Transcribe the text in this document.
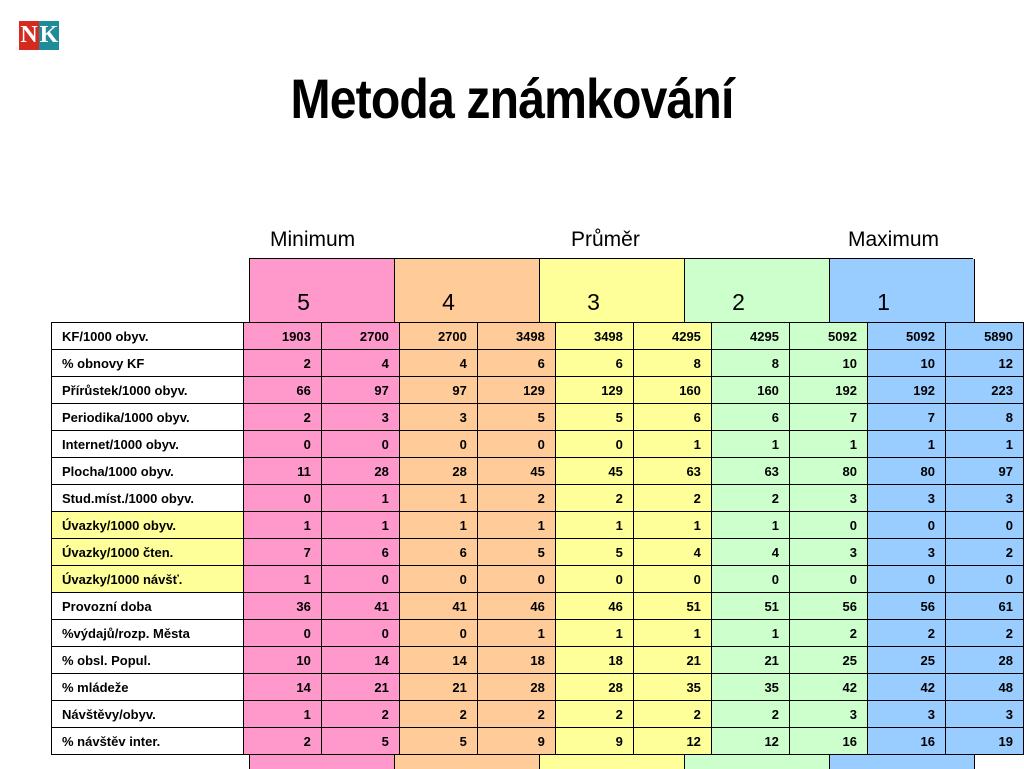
N K
Metoda známkování
Minimum	Průměr	Maximum
5	4	3	2	1
KF/1000 obyv.	1903	2700	2700	3498	3498	4295	4295	5092	5092	5890
% obnovy KF	2	4	4	6	6	8	8	10	10	12
Přírůstek/1000 obyv.	66	97	97	129	129	160	160	192	192	223
Periodika/1000 obyv.	2	3	3	5	5	6	6	7	7	8
Internet/1000 obyv.	0	0	0	0	0	1	1	1	1	1
Plocha/1000 obyv.	11	28	28	45	45	63	63	80	80	97
Stud.míst./1000 obyv.	0	1	1	2	2	2	2	3	3	3
Úvazky/1000 obyv.	1	1	1	1	1	1	1	0	0	0
Úvazky/1000 čten.	7	6	6	5	5	4	4	3	3	2
Úvazky/1000 návšť.	1	0	0	0	0	0	0	0	0	0
Provozní doba	36	41	41	46	46	51	51	56	56	61
%výdajů/rozp. Města	0	0	0	1	1	1	1	2	2	2
% obsl. Popul.	10	14	14	18	18	21	21	25	25	28
% mládeže	14	21	21	28	28	35	35	42	42	48
Návštěvy/obyv.	1	2	2	2	2	2	2	3	3	3
% návštěv inter.	2	5	5	9	9	12	12	16	16	19
